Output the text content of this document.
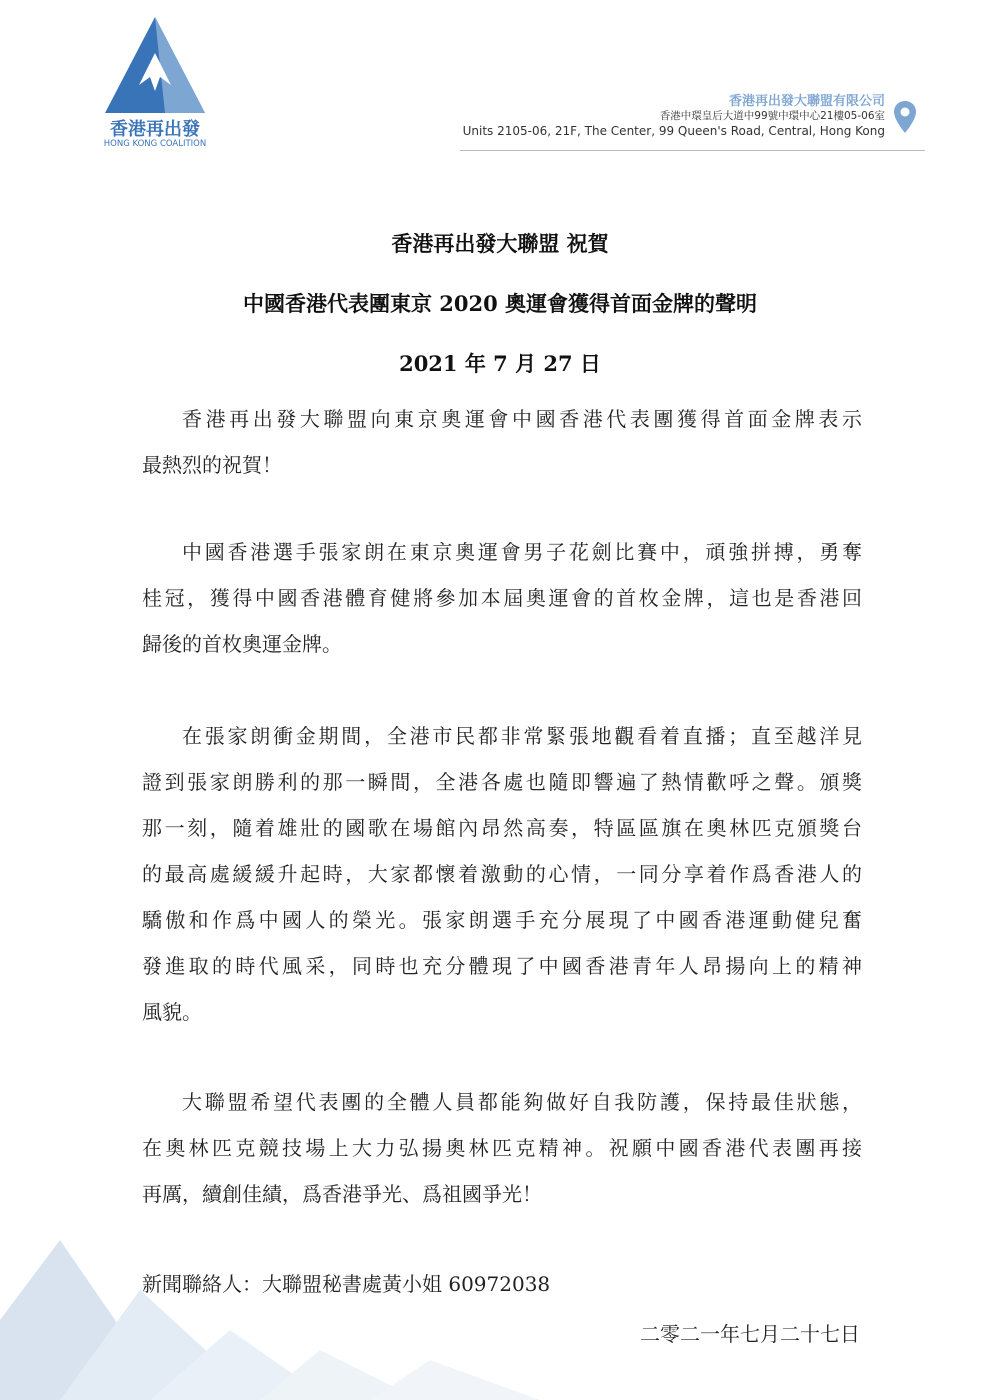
香港再出發
HONG KONG COALITION
香港再出發大聯盟有限公司
香港中環皇后大道中99號中環中心21樓05-06室
Units 2105-06, 21F, The Center, 99 Queen's Road, Central, Hong Kong
香港再出發大聯盟 祝賀
中國香港代表團東京 2020 奧運會獲得首面金牌的聲明
2021 年 7 月 27 日
香港再出發大聯盟向東京奧運會中國香港代表團獲得首面金牌表示
最熱烈的祝賀！
中國香港選手張家朗在東京奧運會男子花劍比賽中，頑強拼搏，勇奪
桂冠，獲得中國香港體育健將參加本屆奧運會的首枚金牌，這也是香港回
歸後的首枚奧運金牌。
在張家朗衝金期間，全港市民都非常緊張地觀看着直播；直至越洋見
證到張家朗勝利的那一瞬間，全港各處也隨即響遍了熱情歡呼之聲。頒獎
那一刻，隨着雄壯的國歌在場館內昂然高奏，特區區旗在奧林匹克頒獎台
的最高處緩緩升起時，大家都懷着激動的心情，一同分享着作爲香港人的
驕傲和作爲中國人的榮光。張家朗選手充分展現了中國香港運動健兒奮
發進取的時代風采，同時也充分體現了中國香港青年人昂揚向上的精神
風貌。
大聯盟希望代表團的全體人員都能夠做好自我防護，保持最佳狀態，
在奧林匹克競技場上大力弘揚奧林匹克精神。祝願中國香港代表團再接
再厲，續創佳績，爲香港爭光、爲祖國爭光！
新聞聯絡人：大聯盟秘書處黃小姐 60972038
二零二一年七月二十七日
